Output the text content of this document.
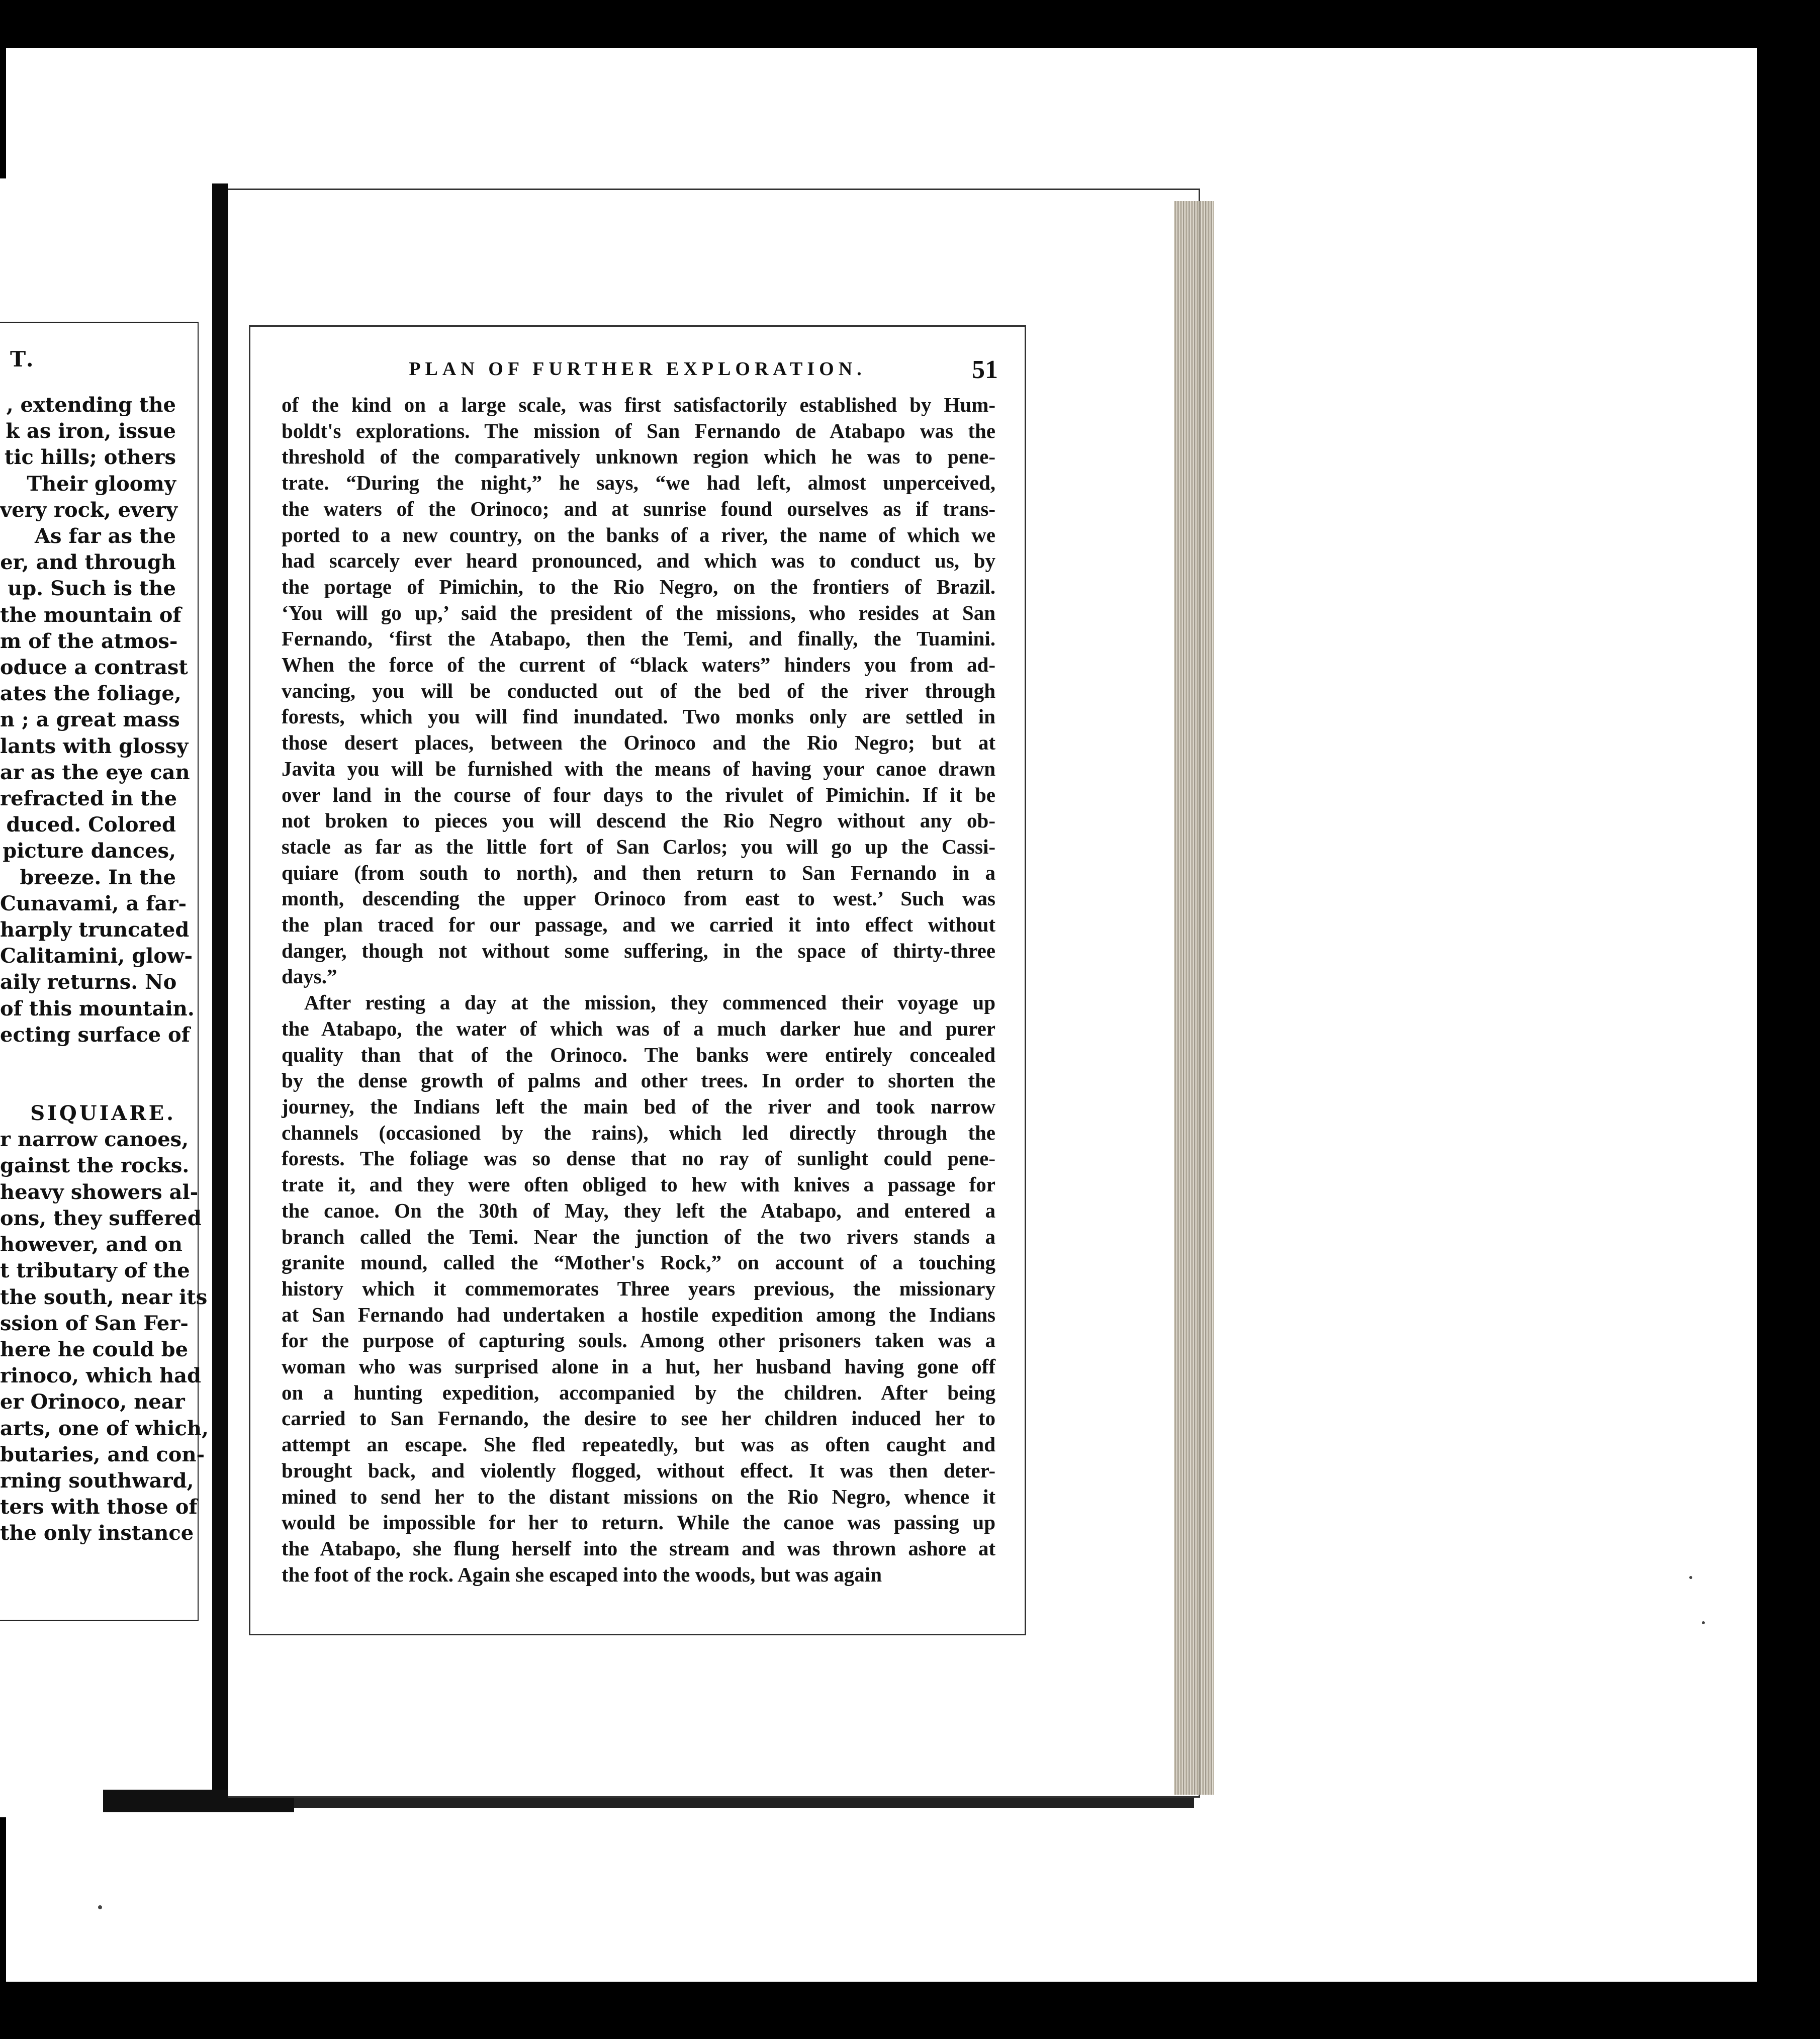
T.
, extending the
k as iron, issue
tic hills; others
Their gloomy
very rock, every
As far as the
er, and through
up. Such is the
the mountain of
m of the atmos-
oduce a contrast
ates the foliage,
n ; a great mass
lants with glossy
ar as the eye can
refracted in the
duced. Colored
picture dances,
breeze. In the
Cunavami, a far-
harply truncated
Calitamini, glow-
aily returns. No
of this mountain.
ecting surface of
SIQUIARE.
r narrow canoes,
gainst the rocks.
heavy showers al-
ons, they suffered
however, and on
t tributary of the
the south, near its
ssion of San Fer-
here he could be
rinoco, which had
er Orinoco, near
arts, one of which,
butaries, and con-
rning southward,
ters with those of
the only instance
PLAN OF FURTHER EXPLORATION.	51
of the kind on a large scale, was first satisfactorily established by Hum-
boldt's explorations. The mission of San Fernando de Atabapo was the
threshold of the comparatively unknown region which he was to pene-
trate. “During the night,” he says, “we had left, almost unperceived,
the waters of the Orinoco; and at sunrise found ourselves as if trans-
ported to a new country, on the banks of a river, the name of which we
had scarcely ever heard pronounced, and which was to conduct us, by
the portage of Pimichin, to the Rio Negro, on the frontiers of Brazil.
‘You will go up,’ said the president of the missions, who resides at San
Fernando, ‘first the Atabapo, then the Temi, and finally, the Tuamini.
When the force of the current of “black waters” hinders you from ad-
vancing, you will be conducted out of the bed of the river through
forests, which you will find inundated. Two monks only are settled in
those desert places, between the Orinoco and the Rio Negro; but at
Javita you will be furnished with the means of having your canoe drawn
over land in the course of four days to the rivulet of Pimichin. If it be
not broken to pieces you will descend the Rio Negro without any ob-
stacle as far as the little fort of San Carlos; you will go up the Cassi-
quiare (from south to north), and then return to San Fernando in a
month, descending the upper Orinoco from east to west.’ Such was
the plan traced for our passage, and we carried it into effect without
danger, though not without some suffering, in the space of thirty-three
days.”
After resting a day at the mission, they commenced their voyage up
the Atabapo, the water of which was of a much darker hue and purer
quality than that of the Orinoco. The banks were entirely concealed
by the dense growth of palms and other trees. In order to shorten the
journey, the Indians left the main bed of the river and took narrow
channels (occasioned by the rains), which led directly through the
forests. The foliage was so dense that no ray of sunlight could pene-
trate it, and they were often obliged to hew with knives a passage for
the canoe. On the 30th of May, they left the Atabapo, and entered a
branch called the Temi. Near the junction of the two rivers stands a
granite mound, called the “Mother's Rock,” on account of a touching
history which it commemorates Three years previous, the missionary
at San Fernando had undertaken a hostile expedition among the Indians
for the purpose of capturing souls. Among other prisoners taken was a
woman who was surprised alone in a hut, her husband having gone off
on a hunting expedition, accompanied by the children. After being
carried to San Fernando, the desire to see her children induced her to
attempt an escape. She fled repeatedly, but was as often caught and
brought back, and violently flogged, without effect. It was then deter-
mined to send her to the distant missions on the Rio Negro, whence it
would be impossible for her to return. While the canoe was passing up
the Atabapo, she flung herself into the stream and was thrown ashore at
the foot of the rock. Again she escaped into the woods, but was again
